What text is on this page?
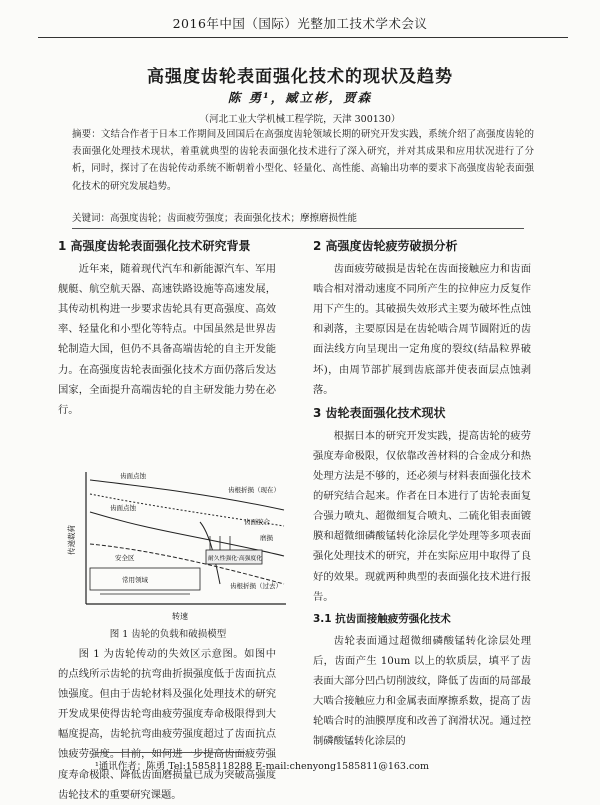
2016年中国（国际）光整加工技术学术会议
高强度齿轮表面强化技术的现状及趋势
陈 勇¹，臧立彬，贾森
（河北工业大学机械工程学院，天津 300130）
摘要：文结合作者于日本工作期间及回国后在高强度齿轮领域长期的研究开发实践，系统介绍了高强度齿轮的表面强化处理技术现状，着重就典型的齿轮表面强化技术进行了深入研究，并对其成果和应用状况进行了分析，同时，探讨了在齿轮传动系统不断朝着小型化、轻量化、高性能、高输出功率的要求下高强度齿轮表面强化技术的研究发展趋势。
关键词：高强度齿轮；齿面疲劳强度；表面强化技术；摩擦磨损性能
1 高强度齿轮表面强化技术研究背景

近年来，随着现代汽车和新能源汽车、军用舰艇、航空航天器、高速铁路设施等高速发展，其传动机构进一步要求齿轮具有更高强度、高效率、轻量化和小型化等特点。中国虽然是世界齿轮制造大国，但仍不具备高端齿轮的自主开发能力。在高强度齿轮表面强化技术方面仍落后发达国家，全面提升高端齿轮的自主研发能力势在必行。

传递载荷
转速
齿面点蚀
齿根折损（现在）
齿面点蚀
齿面胶合
磨损
安全区
常用领域
耐久性强化·高强度化
齿根折损（过去）
图 1 齿轮的负载和破损模型

图 1 为齿轮传动的失效区示意图。如图中的点线所示齿轮的抗弯曲折损强度低于齿面抗点蚀强度。但由于齿轮材料及强化处理技术的研究开发成果使得齿轮弯曲疲劳强度寿命极限得到大幅度提高，齿轮抗弯曲疲劳强度超过了齿面抗点蚀疲劳强度。目前，如何进一步提高齿面疲劳强度寿命极限、降低齿面磨损量已成为突破高强度齿轮技术的重要研究课题。

2 高强度齿轮疲劳破损分析

齿面疲劳破损是齿轮在齿面接触应力和齿面啮合相对滑动速度不同所产生的拉伸应力反复作用下产生的。其破损失效形式主要为破坏性点蚀和剥落，主要原因是在齿轮啮合周节圆附近的齿面法线方向呈现出一定角度的裂纹(结晶粒界破坏)，由周节部扩展到齿底部并使表面层点蚀剥落。

3 齿轮表面强化技术现状

根据日本的研究开发实践，提高齿轮的疲劳强度寿命极限，仅依靠改善材料的合金成分和热处理方法是不够的，还必须与材料表面强化技术的研究结合起来。作者在日本进行了齿轮表面复合强力喷丸、超微细复合喷丸、二硫化钼表面镀膜和超微细磷酸锰转化涂层化学处理等多项表面强化处理技术的研究，并在实际应用中取得了良好的效果。现就两种典型的表面强化技术进行报告。

3.1 抗齿面接触疲劳强化技术

齿轮表面通过超微细磷酸锰转化涂层处理后，齿面产生 10um 以上的软质层，填平了齿表面大部分凹凸切削波纹，降低了齿面的局部最大啮合接触应力和金属表面摩擦系数，提高了齿轮啮合时的油膜厚度和改善了润滑状况。通过控制磷酸锰转化涂层的

¹通讯作者：陈勇 Tel:15858118288 E-mail:chenyong1585811@163.com
